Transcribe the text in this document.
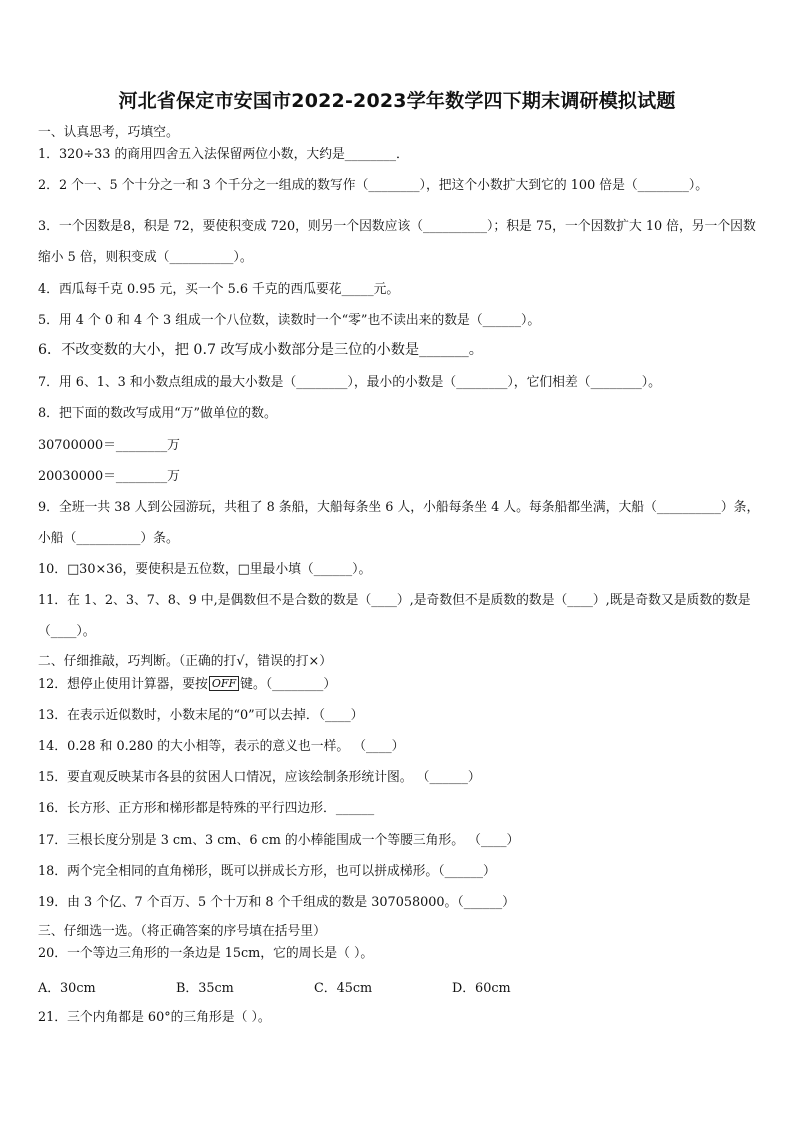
河北省保定市安国市2022-2023学年数学四下期末调研模拟试题
一、认真思考，巧填空。
1．320÷33 的商用四舍五入法保留两位小数，大约是________．
2．2 个一、5 个十分之一和 3 个千分之一组成的数写作（________），把这个小数扩大到它的 100 倍是（________）。
3．一个因数是8，积是 72，要使积变成 720，则另一个因数应该（__________）；积是 75，一个因数扩大 10 倍，另一个因数缩小 5 倍，则积变成（__________）。
4．西瓜每千克 0.95 元，买一个 5.6 千克的西瓜要花_____元。
5．用 4 个 0 和 4 个 3 组成一个八位数，读数时一个“零”也不读出来的数是（______）。
6．不改变数的大小，把 0.7 改写成小数部分是三位的小数是_______。
7．用 6、1、3 和小数点组成的最大小数是（________），最小的小数是（________），它们相差（________）。
8．把下面的数改写成用“万”做单位的数。
30700000＝________万
20030000＝________万
9．全班一共 38 人到公园游玩，共租了 8 条船，大船每条坐 6 人，小船每条坐 4 人。每条船都坐满，大船（__________）条，小船（__________）条。
10．□30×36，要使积是五位数，□里最小填（______）。
11．在 1、2、3、7、8、9 中,是偶数但不是合数的数是（____）,是奇数但不是质数的数是（____）,既是奇数又是质数的数是（____）。
二、仔细推敲，巧判断。（正确的打√，错误的打×）
12．想停止使用计算器，要按 OFF 键。（________）
13．在表示近似数时，小数末尾的“0”可以去掉．（____）
14．0.28 和 0.280 的大小相等，表示的意义也一样。 （____）
15．要直观反映某市各县的贫困人口情况，应该绘制条形统计图。 （______）
16．长方形、正方形和梯形都是特殊的平行四边形．______
17．三根长度分别是 3 cm、3 cm、6 cm 的小棒能围成一个等腰三角形。 （____）
18．两个完全相同的直角梯形，既可以拼成长方形，也可以拼成梯形。（______）
19．由 3 个亿、7 个百万、5 个十万和 8 个千组成的数是 307058000。（______）
三、仔细选一选。（将正确答案的序号填在括号里）
20．一个等边三角形的一条边是 15cm，它的周长是（ ）。
A．30cm	B．35cm	C．45cm	D．60cm
21．三个内角都是 60°的三角形是（ ）。
